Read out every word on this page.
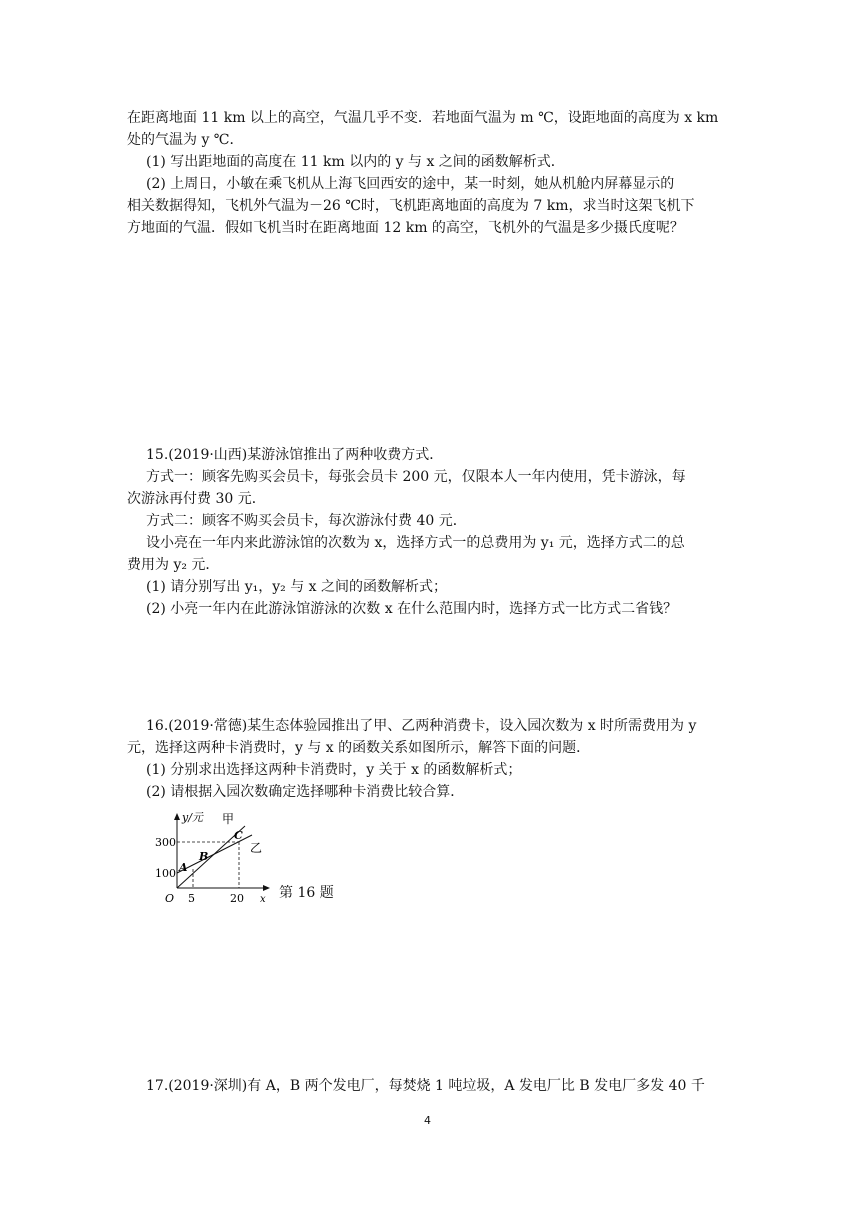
在距离地面 11 km 以上的高空，气温几乎不变．若地面气温为 m ℃，设距地面的高度为 x km
处的气温为 y ℃．
(1) 写出距地面的高度在 11 km 以内的 y 与 x 之间的函数解析式．
(2) 上周日，小敏在乘飞机从上海飞回西安的途中，某一时刻，她从机舱内屏幕显示的
相关数据得知，飞机外气温为－26 ℃时，飞机距离地面的高度为 7 km，求当时这架飞机下
方地面的气温．假如飞机当时在距离地面 12 km 的高空，飞机外的气温是多少摄氏度呢？
15.(2019·山西)某游泳馆推出了两种收费方式．
方式一：顾客先购买会员卡，每张会员卡 200 元，仅限本人一年内使用，凭卡游泳，每
次游泳再付费 30 元．
方式二：顾客不购买会员卡，每次游泳付费 40 元．
设小亮在一年内来此游泳馆的次数为 x，选择方式一的总费用为 y₁ 元，选择方式二的总
费用为 y₂ 元．
(1) 请分别写出 y₁，y₂ 与 x 之间的函数解析式；
(2) 小亮一年内在此游泳馆游泳的次数 x 在什么范围内时，选择方式一比方式二省钱？
16.(2019·常德)某生态体验园推出了甲、乙两种消费卡，设入园次数为 x 时所需费用为 y
元，选择这两种卡消费时，y 与 x 的函数关系如图所示，解答下面的问题．
(1) 分别求出选择这两种卡消费时，y 关于 x 的函数解析式；
(2) 请根据入园次数确定选择哪种卡消费比较合算．
y/元
x
O
300
100
5	20
甲
乙
A
B
C
第 16 题
17.(2019·深圳)有 A，B 两个发电厂，每焚烧 1 吨垃圾，A 发电厂比 B 发电厂多发 40 千
4
